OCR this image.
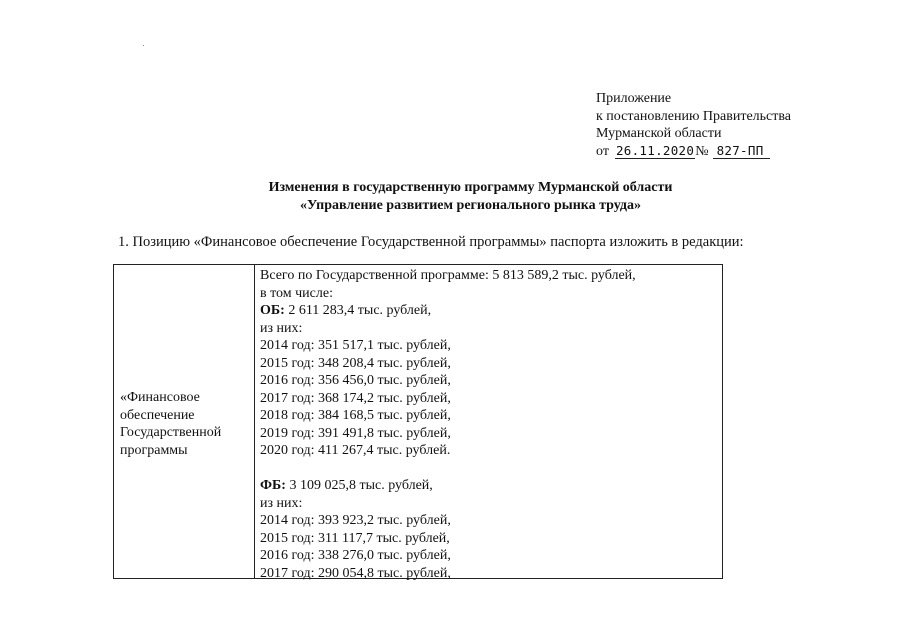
Приложение
к постановлению Правительства
Мурманской области
от 26.11.2020№ 827-ПП
Изменения в государственную программу Мурманской области
«Управление развитием регионального рынка труда»
1. Позицию «Финансовое обеспечение Государственной программы» паспорта изложить в редакции:
«Финансовое
обеспечение
Государственной
программы
Всего по Государственной программе: 5 813 589,2 тыс. рублей,
в том числе:
ОБ: 2 611 283,4 тыс. рублей,
из них:
2014 год: 351 517,1 тыс. рублей,
2015 год: 348 208,4 тыс. рублей,
2016 год: 356 456,0 тыс. рублей,
2017 год: 368 174,2 тыс. рублей,
2018 год: 384 168,5 тыс. рублей,
2019 год: 391 491,8 тыс. рублей,
2020 год: 411 267,4 тыс. рублей.
ФБ: 3 109 025,8 тыс. рублей,
из них:
2014 год: 393 923,2 тыс. рублей,
2015 год: 311 117,7 тыс. рублей,
2016 год: 338 276,0 тыс. рублей,
2017 год: 290 054,8 тыс. рублей,
